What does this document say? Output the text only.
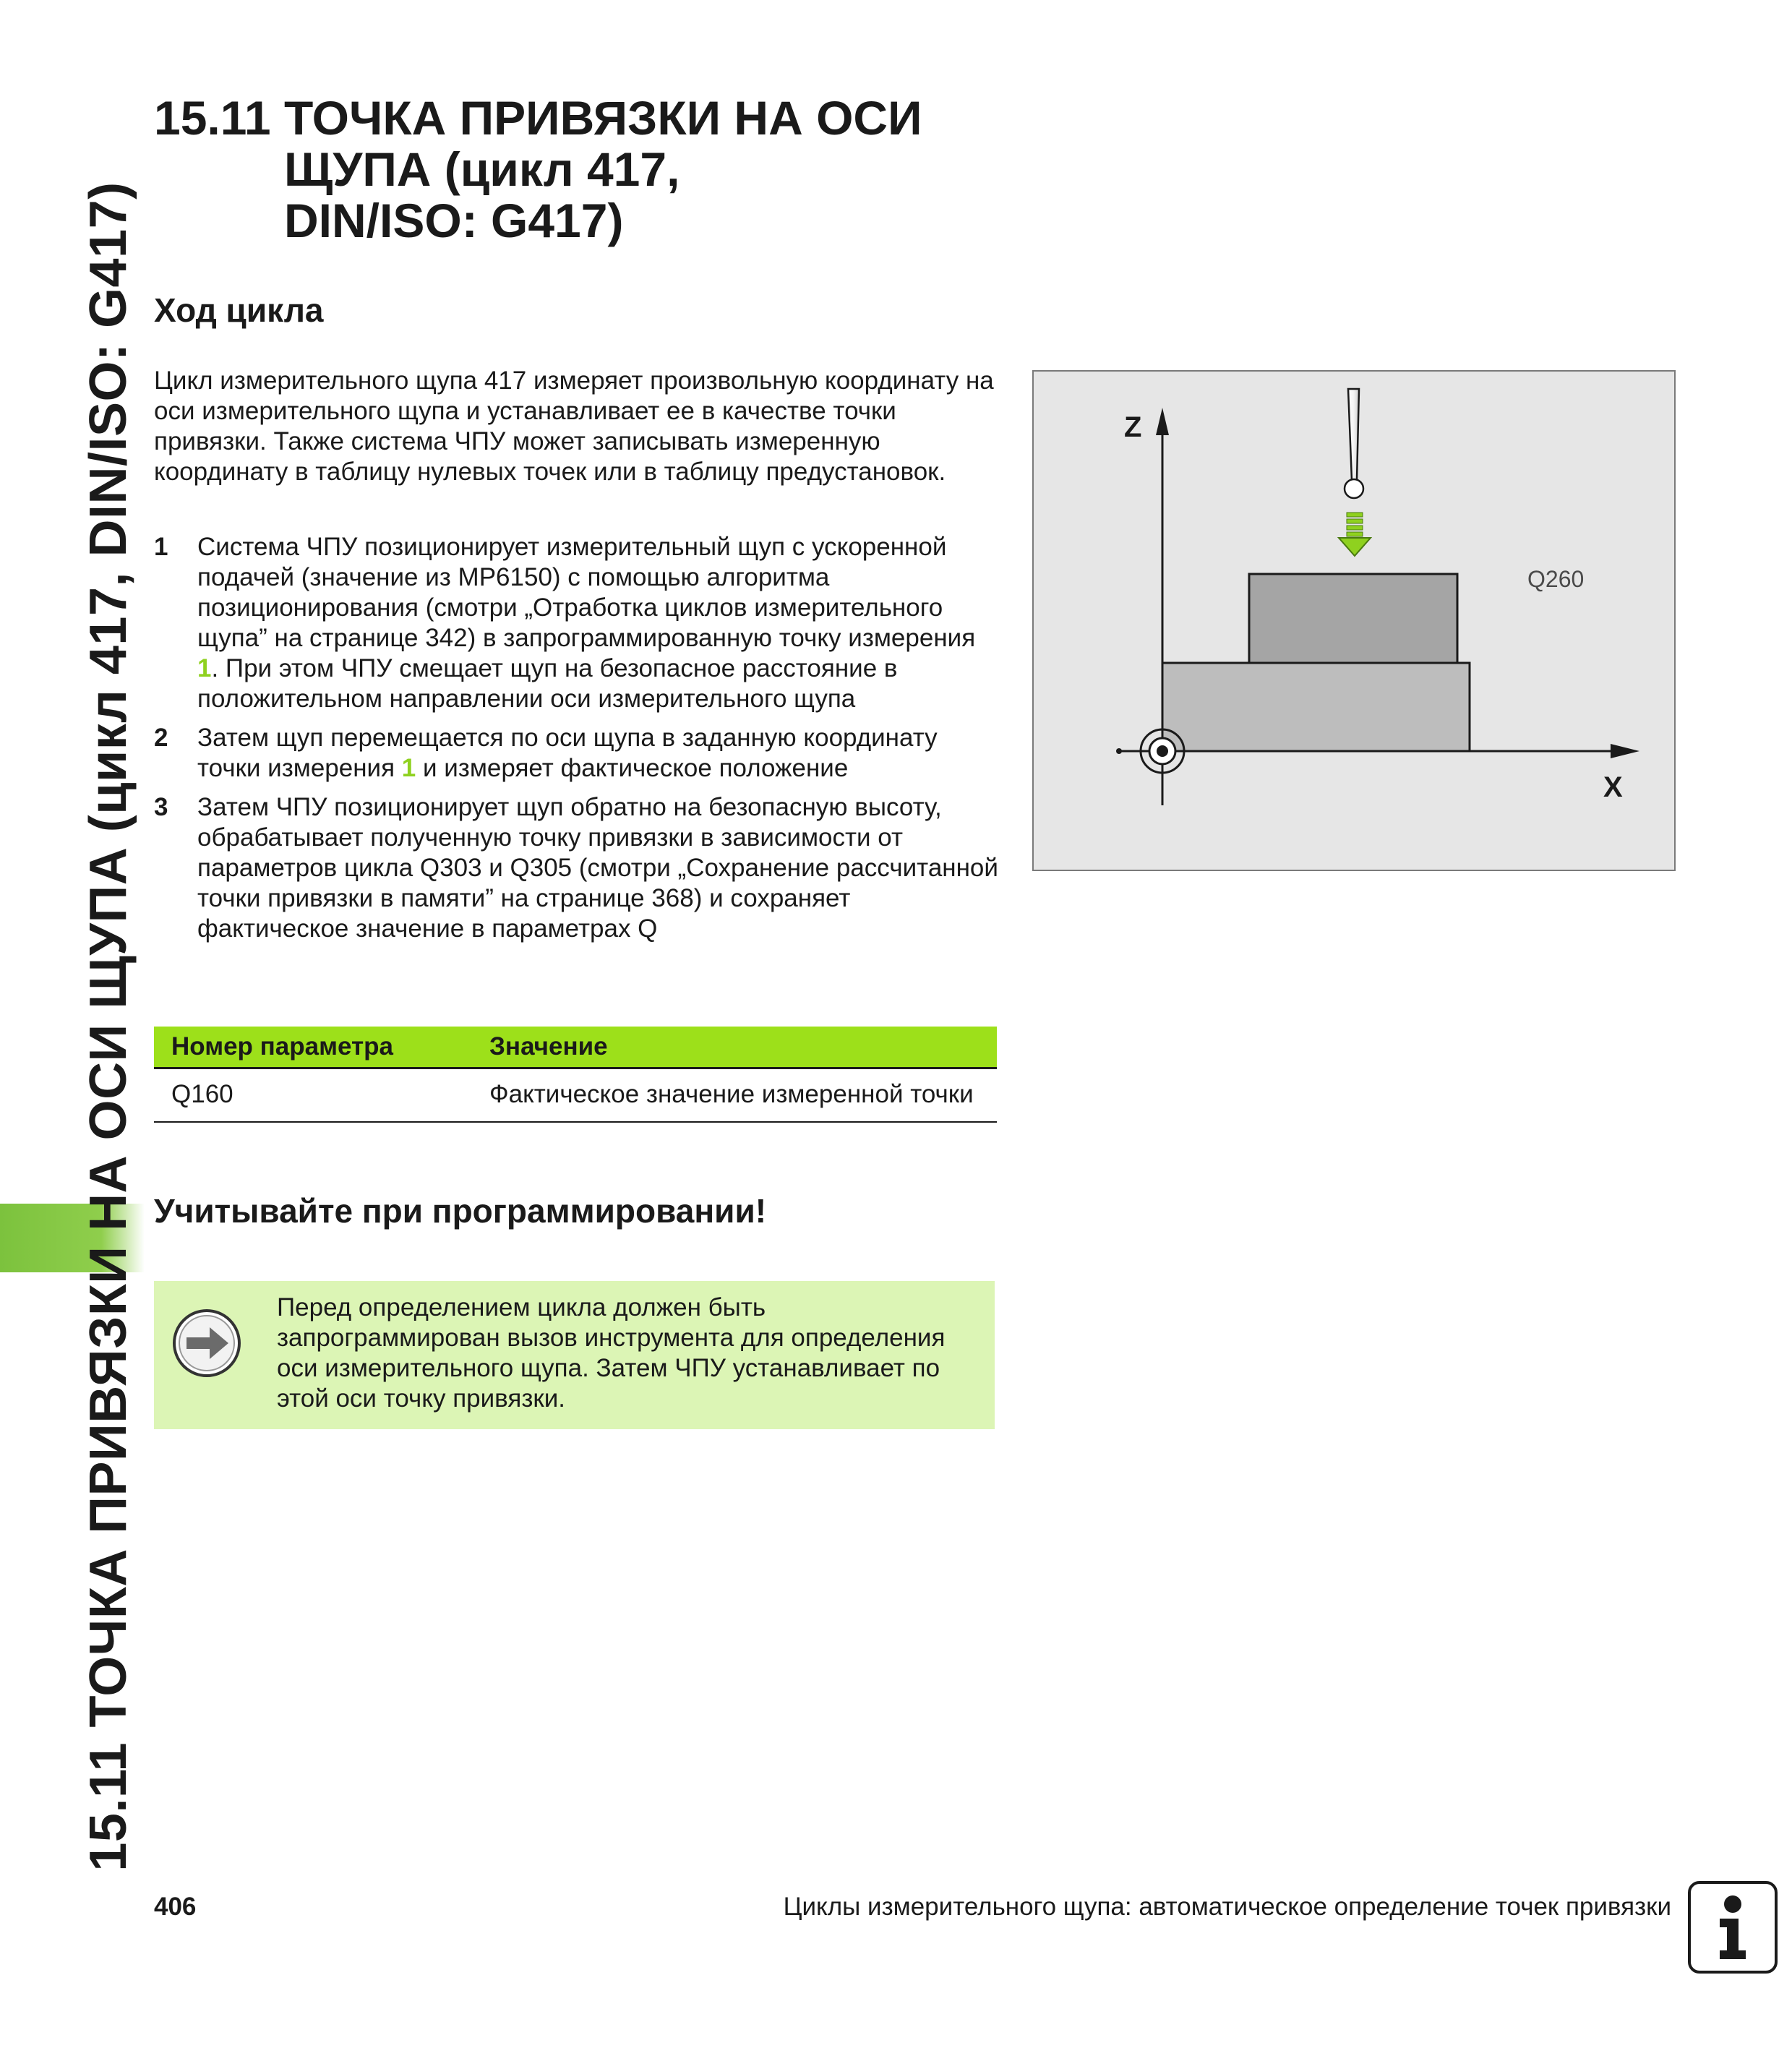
15.11 ТОЧКА ПРИВЯЗКИ НА ОСИ ЩУПА (цикл 417, DIN/ISO: G417)
15.11 ТОЧКА ПРИВЯЗКИ НА ОСИ
ЩУПА (цикл 417,
DIN/ISO: G417)
Ход цикла
Цикл измерительного щупа 417 измеряет произвольную координату на оси измерительного щупа и устанавливает ее в качестве точки привязки. Также система ЧПУ может записывать измеренную координату в таблицу нулевых точек или в таблицу предустановок.
1	Система ЧПУ позиционирует измерительный щуп с ускоренной подачей (значение из MP6150) с помощью алгоритма позиционирования (смотри „Отработка циклов измерительного щупа” на странице 342) в запрограммированную точку измерения 1. При этом ЧПУ смещает щуп на безопасное расстояние в положительном направлении оси измерительного щупа
2	Затем щуп перемещается по оси щупа в заданную координату точки измерения 1 и измеряет фактическое положение
3	Затем ЧПУ позиционирует щуп обратно на безопасную высоту, обрабатывает полученную точку привязки в зависимости от параметров цикла Q303 и Q305 (смотри „Сохранение рассчитанной точки привязки в памяти” на странице 368) и сохраняет фактическое значение в параметрах Q
Номер параметра	Значение
Q160	Фактическое значение измеренной точки
Учитывайте при программировании!
Перед определением цикла должен быть запрограммирован вызов инструмента для определения оси измерительного щупа. Затем ЧПУ устанавливает по этой оси точку привязки.
Z
X
Q260
406	Циклы измерительного щупа: автоматическое определение точек привязки
